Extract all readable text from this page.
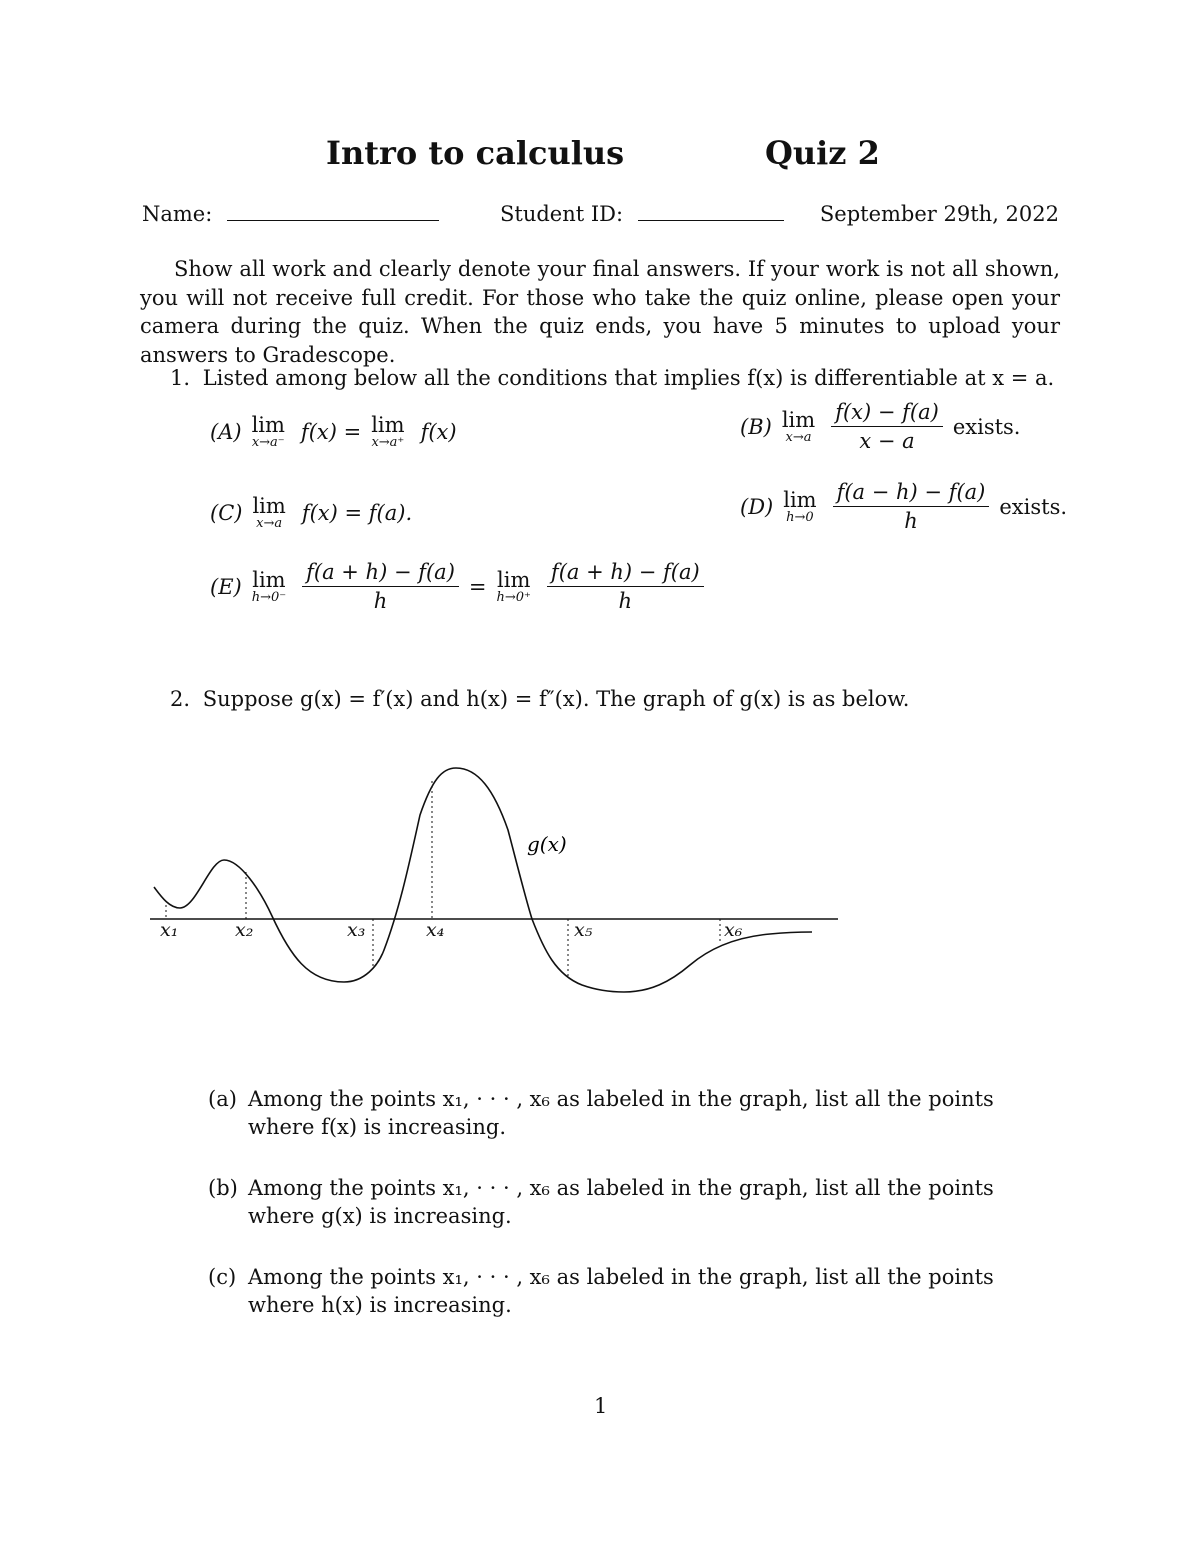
Intro to calculus	Quiz 2
Name:	Student ID:	September 29th, 2022
Show all work and clearly denote your final answers. If your work is not all shown, you will not receive full credit. For those who take the quiz online, please open your camera during the quiz. When the quiz ends, you have 5 minutes to upload your answers to Gradescope.
1. Listed among below all the conditions that implies f(x) is differentiable at x = a.
(A) lim
x→a⁻ f(x) = lim
x→a⁺ f(x)	(B) lim
$x\to a \frac{f(x) - f(a)}{x - a}$ exists.
(C) lim
x→a f(x) = f(a).	(D) lim
$h\to 0 \frac{f(a - h) - f(a)}{h}$ exists.
(E) lim
$h\to 0^- \frac{f(a + h) - f(a)}{h} = \lim$
$h\to 0^+ \frac{f(a + h) - f(a)}{h}$
2. Suppose g(x) = f′(x) and h(x) = f″(x). The graph of g(x) is as below.
g(x)
x₁	x₂	x₃	x₄	x₅	x₆
(a) Among the points x₁, · · · , x₆ as labeled in the graph, list all the points where f(x) is increasing.
(b) Among the points x₁, · · · , x₆ as labeled in the graph, list all the points where g(x) is increasing.
(c) Among the points x₁, · · · , x₆ as labeled in the graph, list all the points where h(x) is increasing.
1
